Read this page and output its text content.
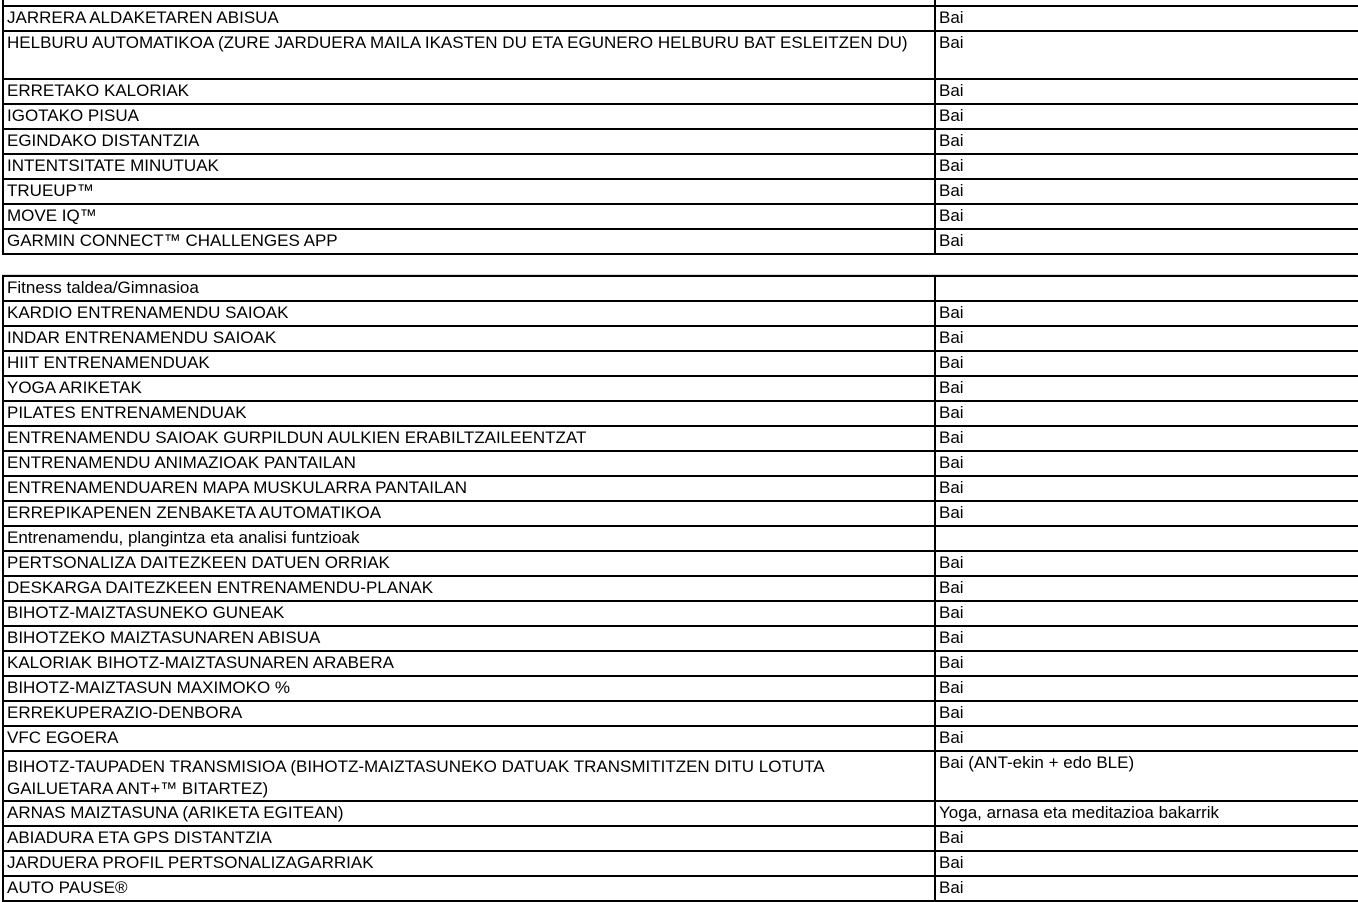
JARRERA ALDAKETAREN ABISUA	Bai
HELBURU AUTOMATIKOA (ZURE JARDUERA MAILA IKASTEN DU ETA EGUNERO HELBURU BAT ESLEITZEN DU)	Bai
ERRETAKO KALORIAK	Bai
IGOTAKO PISUA	Bai
EGINDAKO DISTANTZIA	Bai
INTENTSITATE MINUTUAK	Bai
TRUEUP™	Bai
MOVE IQ™	Bai
GARMIN CONNECT™ CHALLENGES APP	Bai
Fitness taldea/Gimnasioa	
KARDIO ENTRENAMENDU SAIOAK	Bai
INDAR ENTRENAMENDU SAIOAK	Bai
HIIT ENTRENAMENDUAK	Bai
YOGA ARIKETAK	Bai
PILATES ENTRENAMENDUAK	Bai
ENTRENAMENDU SAIOAK GURPILDUN AULKIEN ERABILTZAILEENTZAT	Bai
ENTRENAMENDU ANIMAZIOAK PANTAILAN	Bai
ENTRENAMENDUAREN MAPA MUSKULARRA PANTAILAN	Bai
ERREPIKAPENEN ZENBAKETA AUTOMATIKOA	Bai
Entrenamendu, plangintza eta analisi funtzioak	
PERTSONALIZA DAITEZKEEN DATUEN ORRIAK	Bai
DESKARGA DAITEZKEEN ENTRENAMENDU-PLANAK	Bai
BIHOTZ-MAIZTASUNEKO GUNEAK	Bai
BIHOTZEKO MAIZTASUNAREN ABISUA	Bai
KALORIAK BIHOTZ-MAIZTASUNAREN ARABERA	Bai
BIHOTZ-MAIZTASUN MAXIMOKO %	Bai
ERREKUPERAZIO-DENBORA	Bai
VFC EGOERA	Bai
BIHOTZ-TAUPADEN TRANSMISIOA (BIHOTZ-MAIZTASUNEKO DATUAK TRANSMITITZEN DITU LOTUTA GAILUETARA ANT+™ BITARTEZ)	Bai (ANT-ekin + edo BLE)
ARNAS MAIZTASUNA (ARIKETA EGITEAN)	Yoga, arnasa eta meditazioa bakarrik
ABIADURA ETA GPS DISTANTZIA	Bai
JARDUERA PROFIL PERTSONALIZAGARRIAK	Bai
AUTO PAUSE®	Bai
